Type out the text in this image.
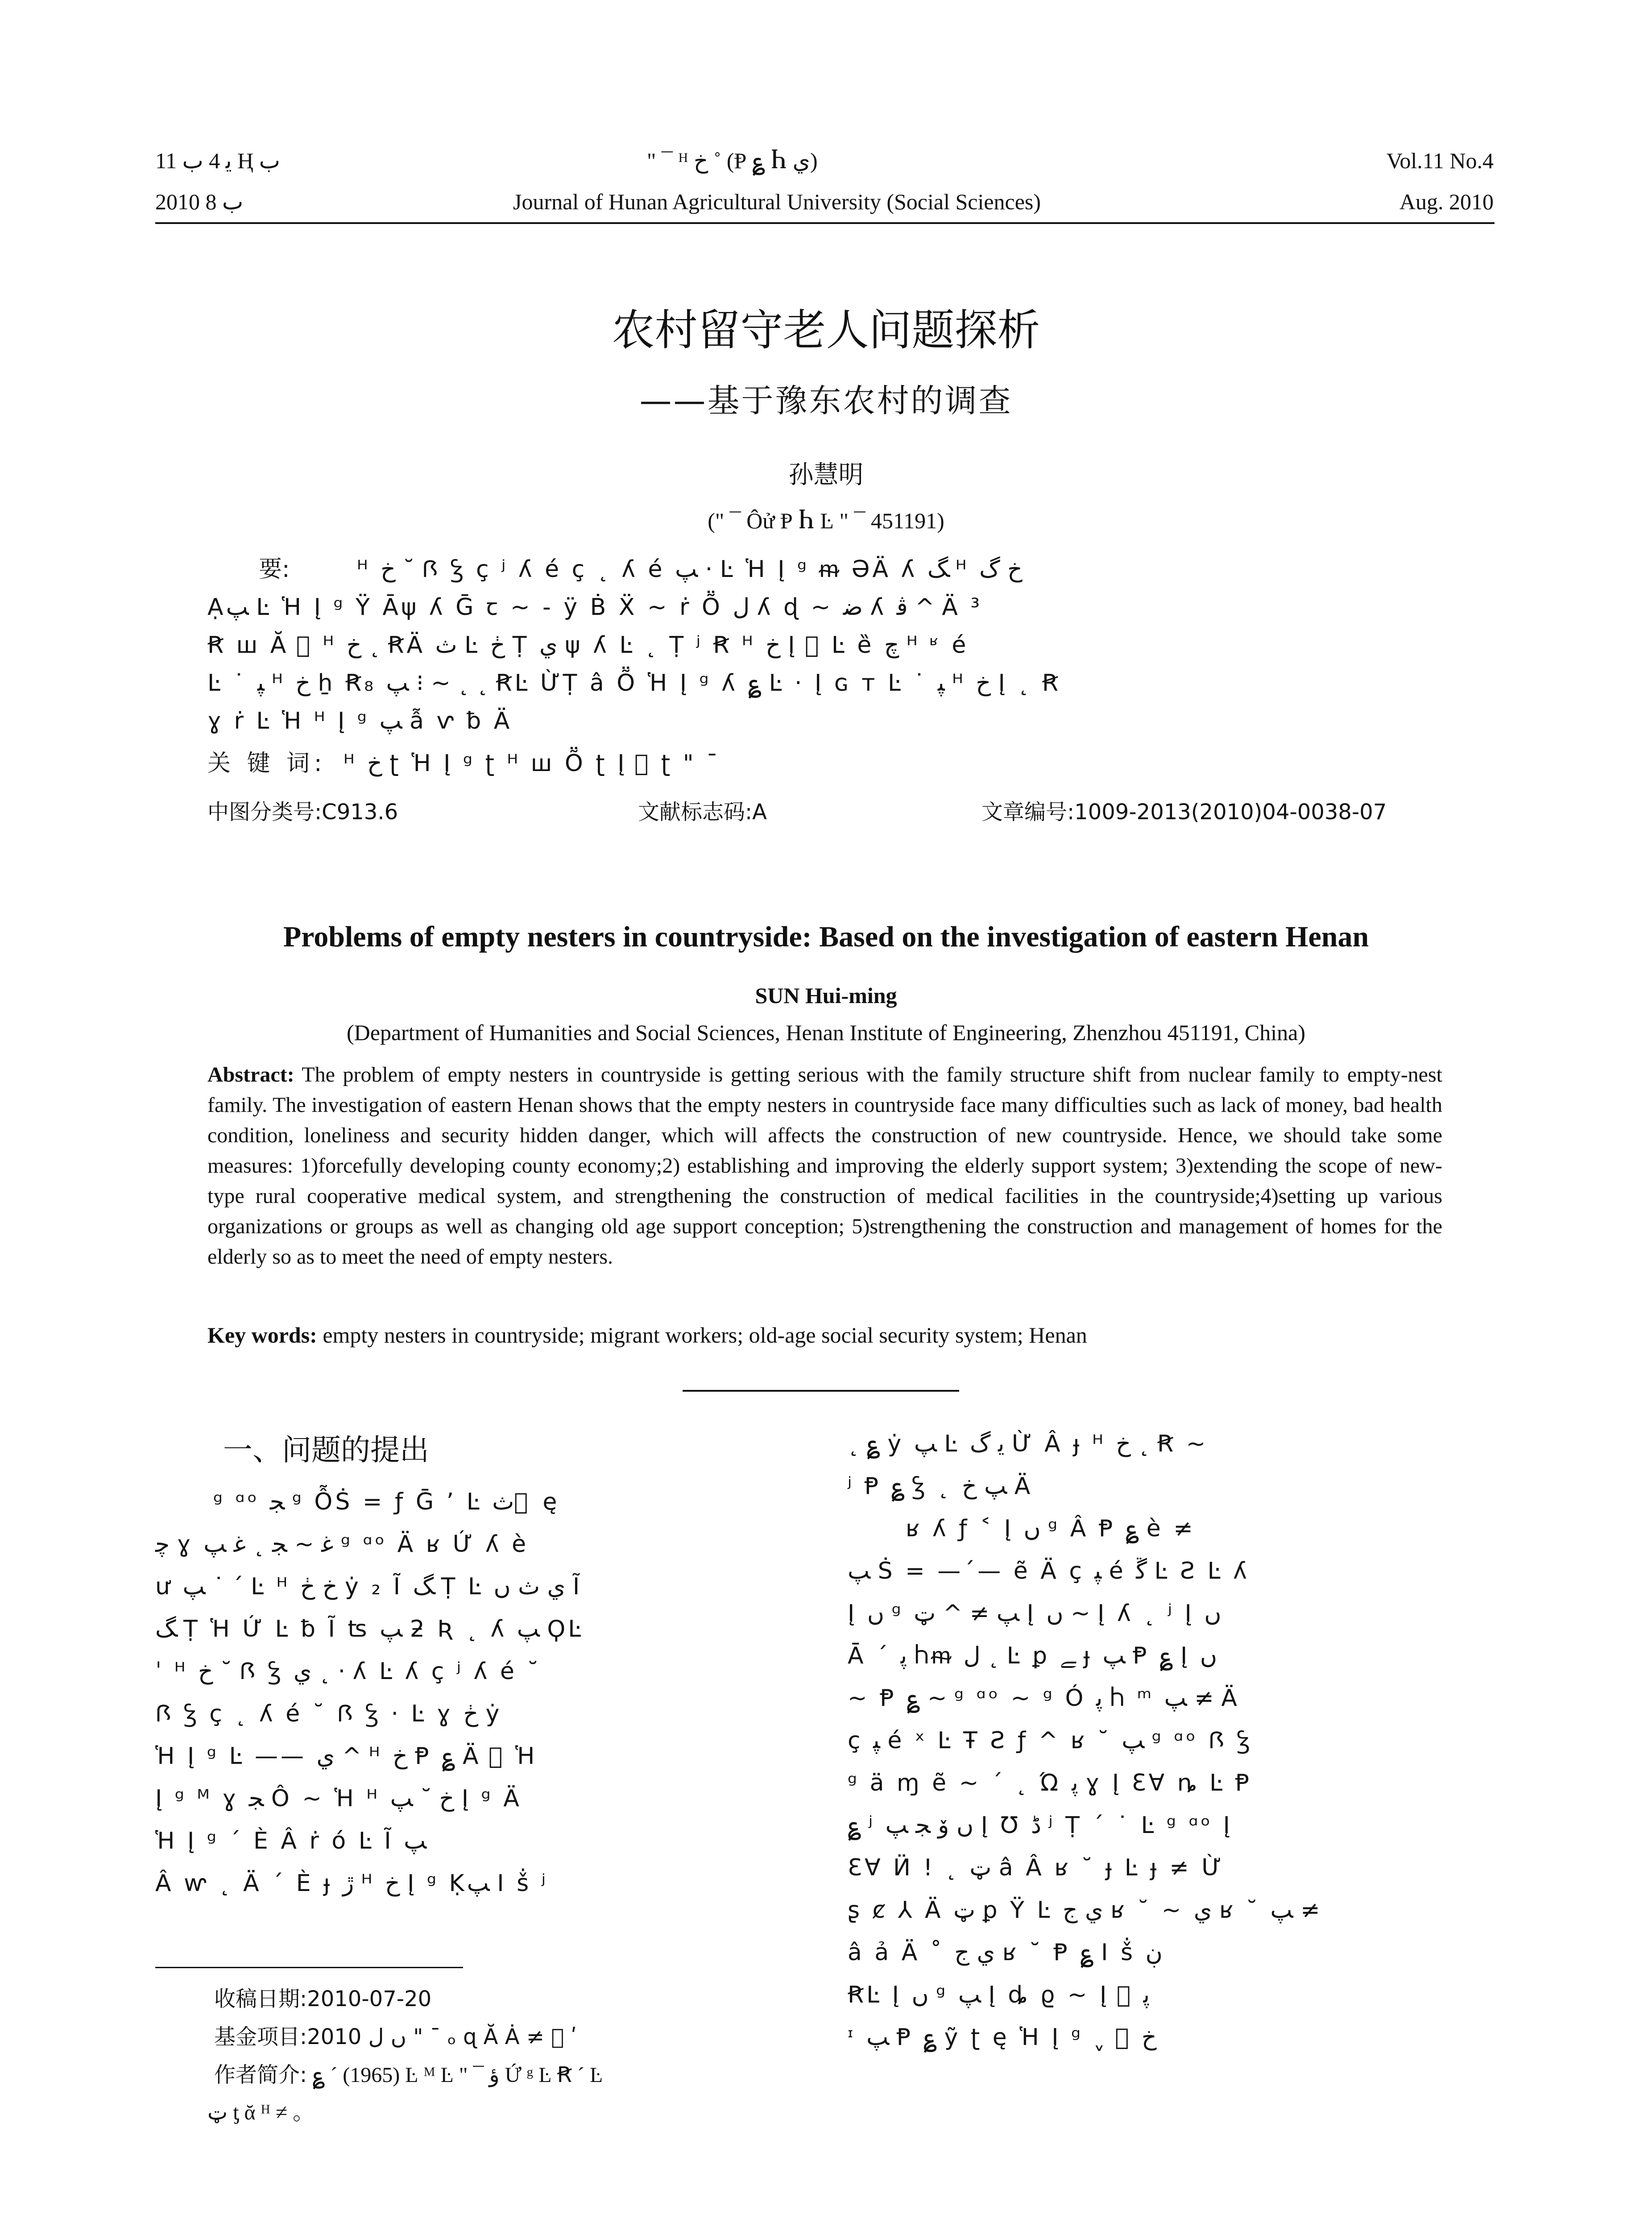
ﯾ 4 ب 11 Ⱨ ب
2010 ب 8
" ¯ ᴴ خ ˚ (Ᵽ ؏ Ⴙ ي)
Journal of Hunan Agricultural University (Social Sciences)
Vol.11 No.4
Aug. 2010
农村留守老人问题探析
——基于豫东农村的调查
孙慧明
(" ¯ Ôử Ᵽ Ⴙ Ŀ " ¯ 451191)
要:	ᴴ خ ˘ Ꟗ Ꝣ ç ʲ ʎ é ç ˛ ʎ é ﭗ · Ŀ Ἡ Į ᵍ ᵯ ƏÄ ʎ ﮓ ᴴ خ ﮒ
Ạﭗ Ŀ Ἡ Į ᵍ Ÿ Ᾱψ ʎ Ḡ ꞇ ~ - ÿ Ḃ Ẍ ~ ṙ Ṏ ل ʎ ɖ ~ ﺿ ʎ ﭬ ^ Ä ³
Ꞧ ꟺ Ă ⃞ ᴴ خ ˛ ꞦÄ ث Ŀ ڂ Ṭ ي ψ ʎ Ŀ ˛ Ṭ ʲ Ꞧ ᴴ خ Į ⃞ Ŀ ȅ چ ᴴ ʶ é
Ŀ ˙ ﭙ ᴴ خ ẖ Ꞧ₈ ﭗ ⁝ ~ ˛ ˛ ꞦĿ ỪṬ â Ṏ Ἡ Į ᵍ ʎ ؏ Ŀ · Į ɢ ᴛ Ŀ ˙ ﭙ ᴴ خ Į ˛ Ꞧ
ɣ ṙ Ŀ Ἡ ᴴ Į ᵍ ﭗ ẫ ⱱ ƀ Ä
关 键 词: ᴴ خ ʈ Ἡ Į ᵍ ʈ ᴴ ꟺ Ṏ ʈ Į ⃞ ʈ " ¯
中图分类号:C913.6	文献标志码:A	文章编号:1009-2013(2010)04-0038-07
Problems of empty nesters in countryside: Based on the investigation of eastern Henan
SUN Hui-ming
(Department of Humanities and Social Sciences, Henan Institute of Engineering, Zhenzhou 451191, China)
Abstract: The problem of empty nesters in countryside is getting serious with the family structure shift from nuclear family to empty-nest family. The investigation of eastern Henan shows that the empty nesters in countryside face many difficulties such as lack of money, bad health condition, loneliness and security hidden danger, which will affects the construction of new countryside. Hence, we should take some measures: 1)forcefully developing county economy;2) establishing and improving the elderly support system; 3)extending the scope of new-type rural cooperative medical system, and strengthening the construction of medical facilities in the countryside;4)setting up various organizations or groups as well as changing old age support conception; 5)strengthening the construction and management of homes for the elderly so as to meet the need of empty nesters.
Key words: empty nesters in countryside; migrant workers; old-age social security system; Henan
一、问题的提出
ᵍ ᵅᵒ ﺠ ᵍ ỖṠ = ƒ Ḡ ʼ Ŀ ث ⃞ ę
ﭼ ɣ ﻏ ~ ﺠ ˛ ﻏ ﭗ ᵍ ᵅᵒ Ä ʁ Ứ ʎ è
ư ﭗ ˙ ˊ Ŀ ᴴ خ ڂ ẏ ₂ Ĩ ﮓ Ṭ Ŀ ي ث ں Ĩ
ﮓ Ṭ Ἡ Ứ Ŀ ƀ Ĩ ʦ ﭗ ƻ Ʀ ˛ ʎ ﭗ ϘĿ
ˈ ᴴ خ ˘ Ꟗ Ꝣ ي ˛ · ʎ Ŀ ʎ ç ʲ ʎ é ˘
Ꟗ Ꝣ ç ˛ ʎ é ˘ Ꟗ Ꝣ · Ŀ ɣ ڂ ẏ
Ἡ Į ᵍ Ŀ —— ي ^ ᴴ خ Ᵽ ؏ Ä ⃞ Ἡ
Į ᵍ ᴹ ɣ ﺠ Ô ~ Ἡ ᴴ خ ˘ ﭗ Į ᵍ Ä
Ἡ Į ᵍ ˊ È Â ṙ ó Ŀ Ĩ ﭗ
Â ⱳ ˛ Ä ˊ È ɟ ڙ ᴴ خ Į ᵍ Ḳﭗ I ṧ ʲ
收稿日期:2010-07-20
基金项目:2010 ں ﻝ " ¯ ₒ ɋ Ă Ȧ ≠ ⃞ ʹ
作者简介: ؏ ˊ (1965) Ŀ ᴹ Ŀ " ¯ ؤ Ứ ᵍ Ŀ Ꞧ ˊ Ŀ
ټ ƫ ᾰ ᴴ ≠ 。
˛ ؏ ẏ ﭗ Ŀ ﯾ ﮒ Ừ Â ɟ ᴴ خ ˛ Ꞧ ~
ʲ Ᵽ ؏ Ꝣ ˛ ﭗ خ Ä
ʁ ʎ ƒ ˂ Į ں ᵍ Â Ᵽ ؏ è ≠
ﭗ Ṡ = —ˊ— ẽ Ä ç ﭙ é ﮜ Ŀ Ƨ Ŀ ʎ
Į ں ᵍ ﭗ ≠ ^ ټ Į ں ~ Į ʎ ˛ ʲ Į ں
Ᾱ ˊ ﭘ Ⴙᵯ ﻝ ˛ Ŀ ꝑ ﮯ ɟ ﭗ Ᵽ ؏ Į ں
~ Ᵽ ؏ ~ ᵍ ᵅᵒ ~ ᵍ Ó ﭘ Ⴙ ᵐ ﭗ ≠ Ä
ç ﭙ é ˣ Ŀ Ŧ Ƨ ƒ ^ ʁ ˘ ﭗ ᵍ ᵅᵒ Ꟗ Ꝣ
ᵍ ä ɱ ẽ ~ ˊ ˛ Ώ ﭘ ɣ Į ƐⱯ ȵ Ŀ Ᵽ
؏ ʲ ں ﯙ ﺠ ﭗ Į Ʊ ﮈ ʲ Ṭ ˊ ˙ Ŀ ᵍ ᵅᵒ Į
ƐⱯ Ӥ ! ˛ ټ â Â ʁ ˘ ɟ Ŀ ɟ ≠ Ừ
ʂ ȼ ⅄ Ä ټ ꝑ Ÿ Ŀ ي ج ʁ ˘ ~ ي ʁ ˘ ﭗ ≠
â ả Ä ˚ ي ج ʁ ˘ Ᵽ ؏ I ṧ ڹ
ꞦĿ Į ں ᵍ ﭗ Į ȡ ϱ ~ Į ⃞ ﭘ
ᶦ ﭗ Ᵽ ؏ ỹ ʈ ę Ἡ Į ᵍ ˬ ⃞ خ
